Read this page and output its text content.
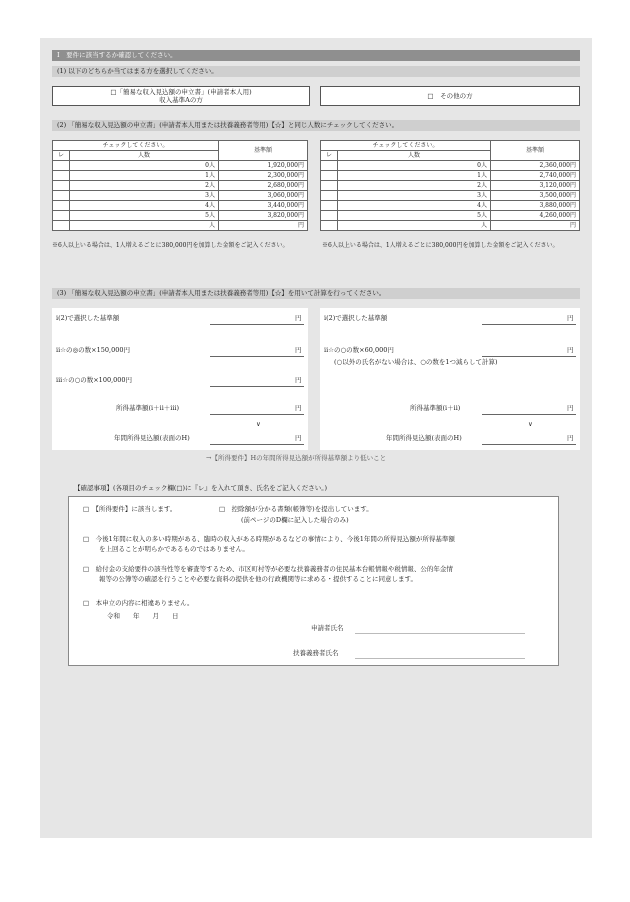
I　要件に該当するか確認してください。
(1) 以下のどちらか当てはまる方を選択してください。
□「簡易な収入見込額の申立書」(申請者本人用)
収入基準Aの方
□　その他の方
(2) 「簡易な収入見込額の申立書」(申請者本人用または扶養義務者等用)【☆】と同じ人数にチェックしてください。
チェックしてください。		基準額
レ	人数	
	0人	1,920,000円
	1人	2,300,000円
	2人	2,680,000円
	3人	3,060,000円
	4人	3,440,000円
	5人	3,820,000円
	人	円
チェックしてください。		基準額
レ	人数	
	0人	2,360,000円
	1人	2,740,000円
	2人	3,120,000円
	3人	3,500,000円
	4人	3,880,000円
	5人	4,260,000円
	人	円
※6人以上いる場合は、1人増えるごとに380,000円を加算した金額をご記入ください。	※6人以上いる場合は、1人増えるごとに380,000円を加算した金額をご記入ください。
(3) 「簡易な収入見込額の申立書」(申請者本人用または扶養義務者等用)【☆】を用いて計算を行ってください。
i(2)で選択した基準額	円
ii☆の◎の数×150,000円	円
iii☆の○の数×100,000円	円
所得基準額(i＋ii＋iii)	円
∨
年間所得見込額(表面のH)	円
i(2)で選択した基準額	円
ii☆の○の数×60,000円	円
(○以外の氏名がない場合は、○の数を1つ減らして計算)
所得基準額(i＋ii)	円
∨
年間所得見込額(表面のH)	円
→【所得要件】Hの年間所得見込額が所得基準額より低いこと
【確認事項】(各項目のチェック欄(□)に『レ』を入れて頂き、氏名をご記入ください。)
□　【所得要件】に該当します。	□　控除額が分かる書類(帳簿等)を提出しています。
(前ページのD欄に記入した場合のみ)
□　今後1年間に収入の多い時期がある、臨時の収入がある時期があるなどの事情により、今後1年間の所得見込額が所得基準額
を上回ることが明らかであるものではありません。
□　給付金の支給要件の該当性等を審査等するため、市区町村等が必要な扶養義務者の住民基本台帳情報や税情報、公的年金情
報等の公簿等の確認を行うことや必要な資料の提供を他の行政機関等に求める・提供することに同意します。
□　本申立の内容に相違ありません。
令和　　年　　月　　日
申請者氏名
扶養義務者氏名
